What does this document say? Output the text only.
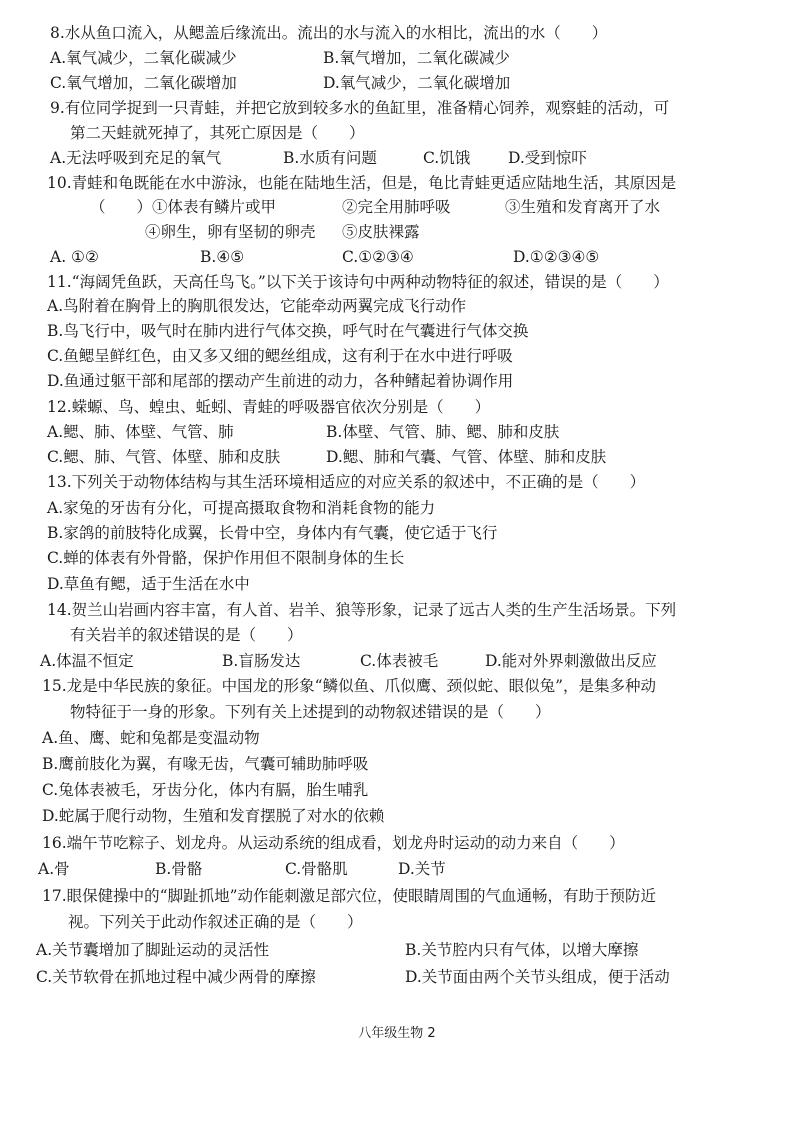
8.水从鱼口流入，从鳃盖后缘流出。流出的水与流入的水相比，流出的水（　　）
A.氧气减少，二氧化碳减少	B.氧气增加，二氧化碳减少
C.氧气增加，二氧化碳增加	D.氧气减少，二氧化碳增加
9.有位同学捉到一只青蛙，并把它放到较多水的鱼缸里，准备精心饲养，观察蛙的活动，可
第二天蛙就死掉了，其死亡原因是（　　）
A.无法呼吸到充足的氧气	B.水质有问题	C.饥饿 D.受到惊吓
10.青蛙和龟既能在水中游泳，也能在陆地生活，但是，龟比青蛙更适应陆地生活，其原因是
（　　）①体表有鳞片或甲	②完全用肺呼吸	③生殖和发育离开了水
④卵生，卵有坚韧的卵壳 ⑤皮肤裸露
A. ①②	B.④⑤	C.①②③④	D.①②③④⑤
11.“海阔凭鱼跃，天高任鸟飞。”以下关于该诗句中两种动物特征的叙述，错误的是（　　）
A.鸟附着在胸骨上的胸肌很发达，它能牵动两翼完成飞行动作
B.鸟飞行中，吸气时在肺内进行气体交换，呼气时在气囊进行气体交换
C.鱼鳃呈鲜红色，由又多又细的鳃丝组成，这有利于在水中进行呼吸
D.鱼通过躯干部和尾部的摆动产生前进的动力，各种鳍起着协调作用
12.蝾螈、鸟、蝗虫、蚯蚓、青蛙的呼吸器官依次分别是（　　）
A.鳃、肺、体壁、气管、肺	B.体壁、气管、肺、鳃、肺和皮肤
C.鳃、肺、气管、体壁、肺和皮肤	D.鳃、肺和气囊、气管、体壁、肺和皮肤
13.下列关于动物体结构与其生活环境相适应的对应关系的叙述中，不正确的是（　　）
A.家兔的牙齿有分化，可提高摄取食物和消耗食物的能力
B.家鸽的前肢特化成翼，长骨中空，身体内有气囊，使它适于飞行
C.蝉的体表有外骨骼，保护作用但不限制身体的生长
D.草鱼有鳃，适于生活在水中
14.贺兰山岩画内容丰富，有人首、岩羊、狼等形象，记录了远古人类的生产生活场景。下列
有关岩羊的叙述错误的是（　　）
A.体温不恒定	B.盲肠发达	C.体表被毛	D.能对外界刺激做出反应
15.龙是中华民族的象征。中国龙的形象“鳞似鱼、爪似鹰、颈似蛇、眼似兔”，是集多种动
物特征于一身的形象。下列有关上述提到的动物叙述错误的是（　　）
A.鱼、鹰、蛇和兔都是变温动物
B.鹰前肢化为翼，有喙无齿，气囊可辅助肺呼吸
C.兔体表被毛，牙齿分化，体内有膈，胎生哺乳
D.蛇属于爬行动物，生殖和发育摆脱了对水的依赖
16.端午节吃粽子、划龙舟。从运动系统的组成看，划龙舟时运动的动力来自（　　）
A.骨	B.骨骼	C.骨骼肌	D.关节
17.眼保健操中的“脚趾抓地”动作能刺激足部穴位，使眼睛周围的气血通畅，有助于预防近
视。下列关于此动作叙述正确的是（　　）
A.关节囊增加了脚趾运动的灵活性	B.关节腔内只有气体，以增大摩擦
C.关节软骨在抓地过程中减少两骨的摩擦	D.关节面由两个关节头组成，便于活动
八年级生物 2
